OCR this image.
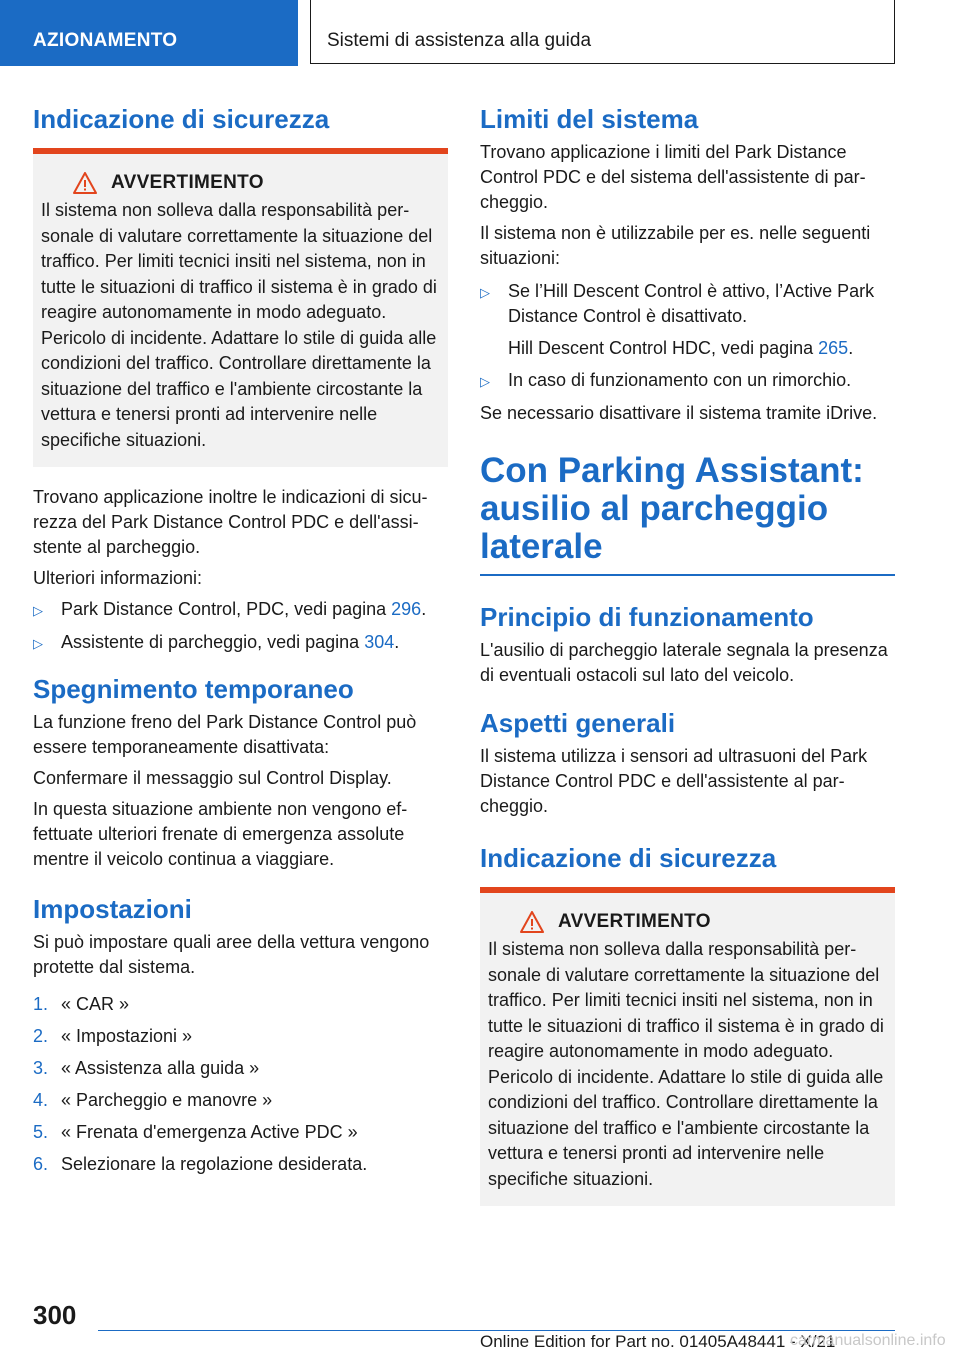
AZIONAMENTO	Sistemi di assistenza alla guida
Indicazione di sicurezza
AVVERTIMENTO

Il sistema non solleva dalla responsabilità personale di valutare correttamente la situazione del traffico. Per limiti tecnici insiti nel sistema, non in tutte le situazioni di traffico il sistema è in grado di reagire autonomamente in modo adeguato. Pericolo di incidente. Adattare lo stile di guida alle condizioni del traffico. Controllare direttamente la situazione del traffico e l'ambiente circostante la vettura e tenersi pronti ad intervenire nelle specifiche situazioni.

Trovano applicazione inoltre le indicazioni di sicurezza del Park Distance Control PDC e dell'assistente al parcheggio.

Ulteriori informazioni:

▷	Park Distance Control, PDC, vedi pagina 296.
▷	Assistente di parcheggio, vedi pagina 304.
Spegnimento temporaneo

La funzione freno del Park Distance Control può essere temporaneamente disattivata:

Confermare il messaggio sul Control Display.

In questa situazione ambiente non vengono effettuate ulteriori frenate di emergenza assolute mentre il veicolo continua a viaggiare.

Impostazioni

Si può impostare quali aree della vettura vengono protette dal sistema.

1. « CAR »
2. « Impostazioni »
3. « Assistenza alla guida »
4. « Parcheggio e manovre »
5. « Frenata d'emergenza Active PDC »
6. Selezionare la regolazione desiderata.
Limiti del sistema

Trovano applicazione i limiti del Park Distance Control PDC e del sistema dell'assistente di parcheggio.

Il sistema non è utilizzabile per es. nelle seguenti situazioni:

▷	Se l’Hill Descent Control è attivo, l’Active Park Distance Control è disattivato.
Hill Descent Control HDC, vedi pagina 265.
▷	In caso di funzionamento con un rimorchio.

Se necessario disattivare il sistema tramite iDrive.

Con Parking Assistant: ausilio al parcheggio laterale
Principio di funzionamento

L'ausilio di parcheggio laterale segnala la presenza di eventuali ostacoli sul lato del veicolo.

Aspetti generali

Il sistema utilizza i sensori ad ultrasuoni del Park Distance Control PDC e dell'assistente al parcheggio.

Indicazione di sicurezza
AVVERTIMENTO

Il sistema non solleva dalla responsabilità personale di valutare correttamente la situazione del traffico. Per limiti tecnici insiti nel sistema, non in tutte le situazioni di traffico il sistema è in grado di reagire autonomamente in modo adeguato. Pericolo di incidente. Adattare lo stile di guida alle condizioni del traffico. Controllare direttamente la situazione del traffico e l'ambiente circostante la vettura e tenersi pronti ad intervenire nelle specifiche situazioni.

300
Online Edition for Part no. 01405A48441 - X/21
carmanualsonline.info
